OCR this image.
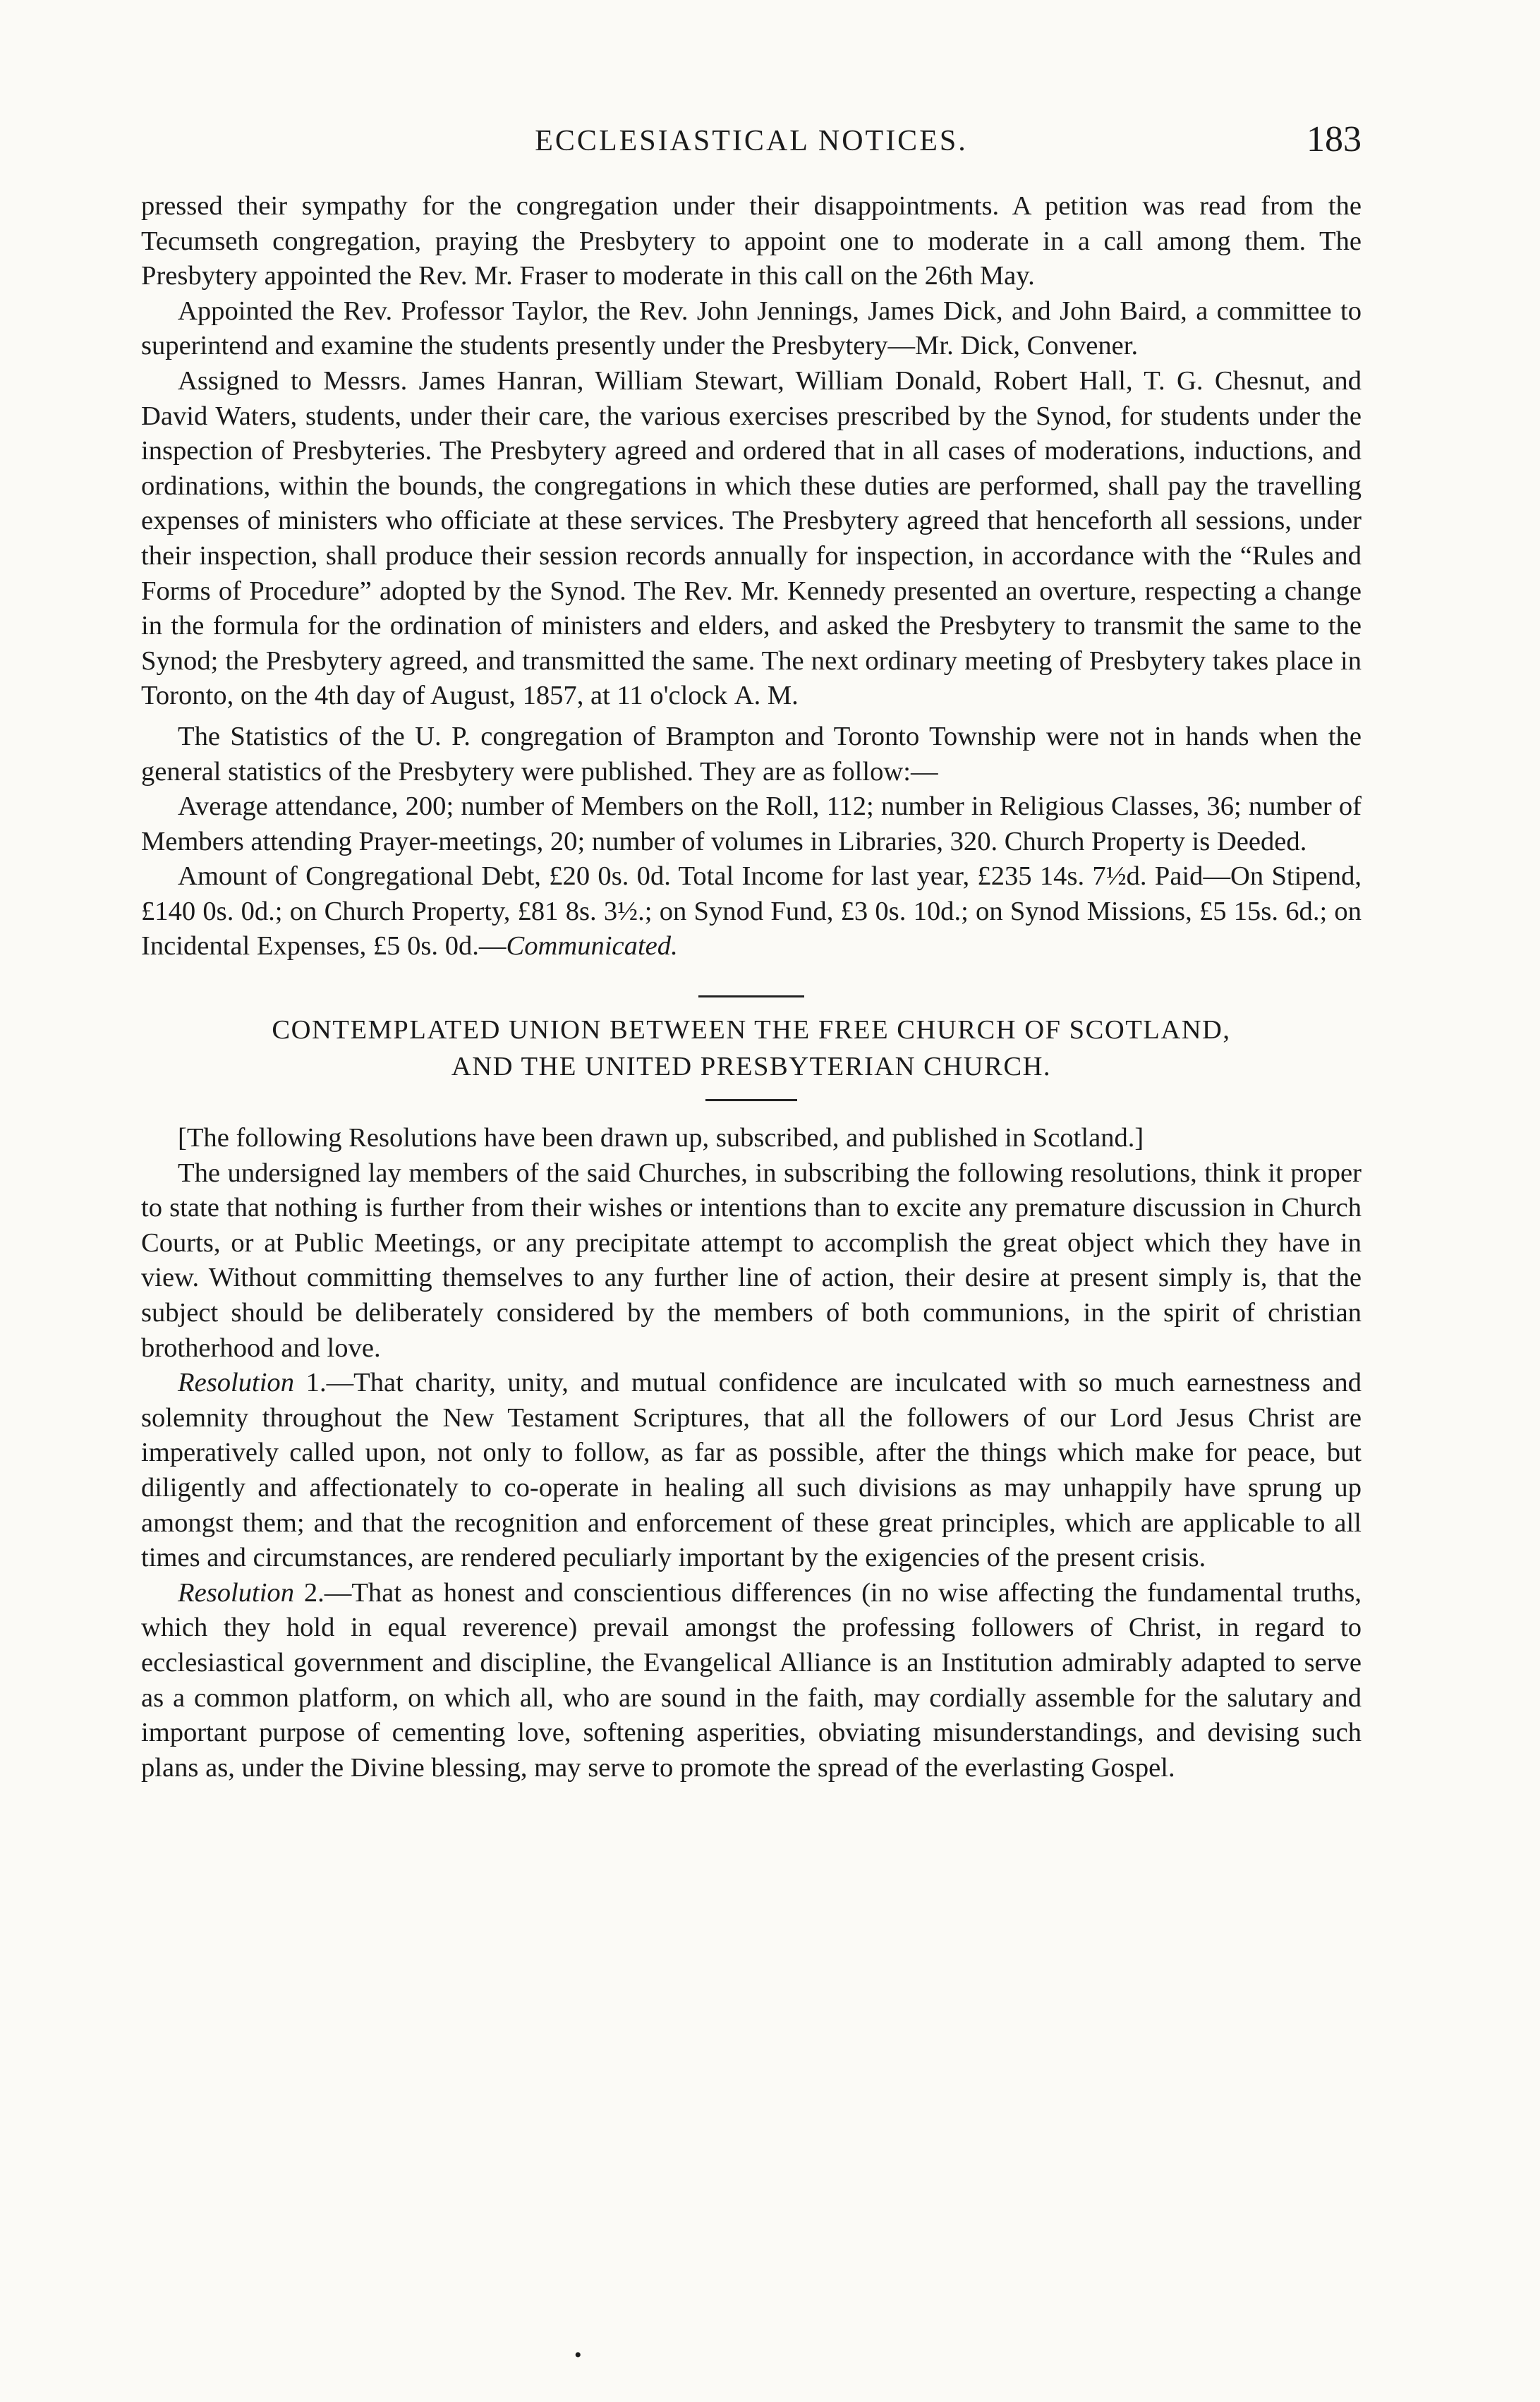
ECCLESIASTICAL NOTICES.	183

pressed their sympathy for the congregation under their disappointments. A petition was read from the Tecumseth congregation, praying the Presbytery to appoint one to moderate in a call among them. The Presbytery appointed the Rev. Mr. Fraser to moderate in this call on the 26th May.

Appointed the Rev. Professor Taylor, the Rev. John Jennings, James Dick, and John Baird, a committee to superintend and examine the students presently under the Presbytery—Mr. Dick, Convener.

Assigned to Messrs. James Hanran, William Stewart, William Donald, Robert Hall, T. G. Chesnut, and David Waters, students, under their care, the various exercises prescribed by the Synod, for students under the inspection of Presbyteries. The Presbytery agreed and ordered that in all cases of moderations, inductions, and ordinations, within the bounds, the congregations in which these duties are performed, shall pay the travelling expenses of ministers who officiate at these services. The Presbytery agreed that henceforth all sessions, under their inspection, shall produce their session records annually for inspection, in accordance with the “Rules and Forms of Procedure” adopted by the Synod. The Rev. Mr. Kennedy presented an overture, respecting a change in the formula for the ordination of ministers and elders, and asked the Presbytery to transmit the same to the Synod; the Presbytery agreed, and transmitted the same. The next ordinary meeting of Presbytery takes place in Toronto, on the 4th day of August, 1857, at 11 o'clock A. M.

The Statistics of the U. P. congregation of Brampton and Toronto Township were not in hands when the general statistics of the Presbytery were published. They are as follow:—

Average attendance, 200; number of Members on the Roll, 112; number in Religious Classes, 36; number of Members attending Prayer-meetings, 20; number of volumes in Libraries, 320. Church Property is Deeded.

Amount of Congregational Debt, £20 0s. 0d. Total Income for last year, £235 14s. 7½d. Paid—On Stipend, £140 0s. 0d.; on Church Property, £81 8s. 3½.; on Synod Fund, £3 0s. 10d.; on Synod Missions, £5 15s. 6d.; on Incidental Expenses, £5 0s. 0d.—Communicated.

CONTEMPLATED UNION BETWEEN THE FREE CHURCH OF SCOTLAND,
AND THE UNITED PRESBYTERIAN CHURCH.

[The following Resolutions have been drawn up, subscribed, and published in Scotland.]

The undersigned lay members of the said Churches, in subscribing the following resolutions, think it proper to state that nothing is further from their wishes or intentions than to excite any premature discussion in Church Courts, or at Public Meetings, or any precipitate attempt to accomplish the great object which they have in view. Without committing themselves to any further line of action, their desire at present simply is, that the subject should be deliberately considered by the members of both communions, in the spirit of christian brotherhood and love.

Resolution 1.—That charity, unity, and mutual confidence are inculcated with so much earnestness and solemnity throughout the New Testament Scriptures, that all the followers of our Lord Jesus Christ are imperatively called upon, not only to follow, as far as possible, after the things which make for peace, but diligently and affectionately to co-operate in healing all such divisions as may unhappily have sprung up amongst them; and that the recognition and enforcement of these great principles, which are applicable to all times and circumstances, are rendered peculiarly important by the exigencies of the present crisis.

Resolution 2.—That as honest and conscientious differences (in no wise affecting the fundamental truths, which they hold in equal reverence) prevail amongst the professing followers of Christ, in regard to ecclesiastical government and discipline, the Evangelical Alliance is an Institution admirably adapted to serve as a common platform, on which all, who are sound in the faith, may cordially assemble for the salutary and important purpose of cementing love, softening asperities, obviating misunderstandings, and devising such plans as, under the Divine blessing, may serve to promote the spread of the everlasting Gospel.

•
